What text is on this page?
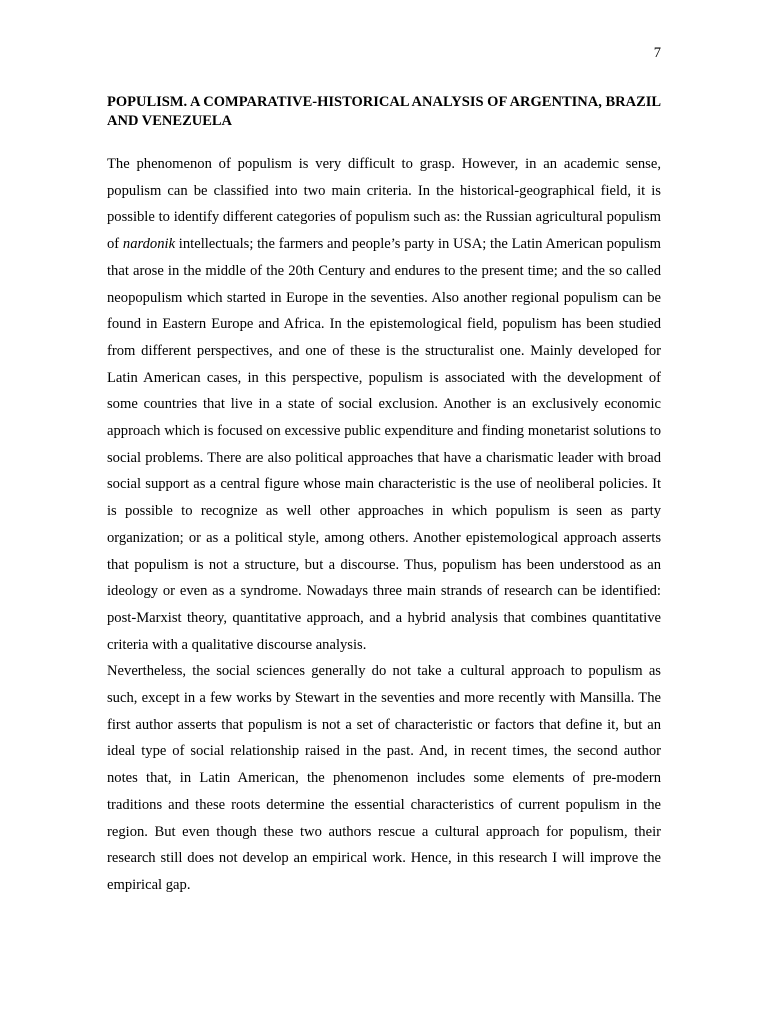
7
POPULISM. A COMPARATIVE-HISTORICAL ANALYSIS OF ARGENTINA, BRAZIL AND VENEZUELA

The phenomenon of populism is very difficult to grasp. However, in an academic sense, populism can be classified into two main criteria. In the historical-geographical field, it is possible to identify different categories of populism such as: the Russian agricultural populism of nardonik intellectuals; the farmers and people’s party in USA; the Latin American populism that arose in the middle of the 20th Century and endures to the present time; and the so called neopopulism which started in Europe in the seventies. Also another regional populism can be found in Eastern Europe and Africa. In the epistemological field, populism has been studied from different perspectives, and one of these is the structuralist one. Mainly developed for Latin American cases, in this perspective, populism is associated with the development of some countries that live in a state of social exclusion. Another is an exclusively economic approach which is focused on excessive public expenditure and finding monetarist solutions to social problems. There are also political approaches that have a charismatic leader with broad social support as a central figure whose main characteristic is the use of neoliberal policies. It is possible to recognize as well other approaches in which populism is seen as party organization; or as a political style, among others. Another epistemological approach asserts that populism is not a structure, but a discourse. Thus, populism has been understood as an ideology or even as a syndrome. Nowadays three main strands of research can be identified: post-Marxist theory, quantitative approach, and a hybrid analysis that combines quantitative criteria with a qualitative discourse analysis.

Nevertheless, the social sciences generally do not take a cultural approach to populism as such, except in a few works by Stewart in the seventies and more recently with Mansilla. The first author asserts that populism is not a set of characteristic or factors that define it, but an ideal type of social relationship raised in the past. And, in recent times, the second author notes that, in Latin American, the phenomenon includes some elements of pre-modern traditions and these roots determine the essential characteristics of current populism in the region. But even though these two authors rescue a cultural approach for populism, their research still does not develop an empirical work. Hence, in this research I will improve the empirical gap.
